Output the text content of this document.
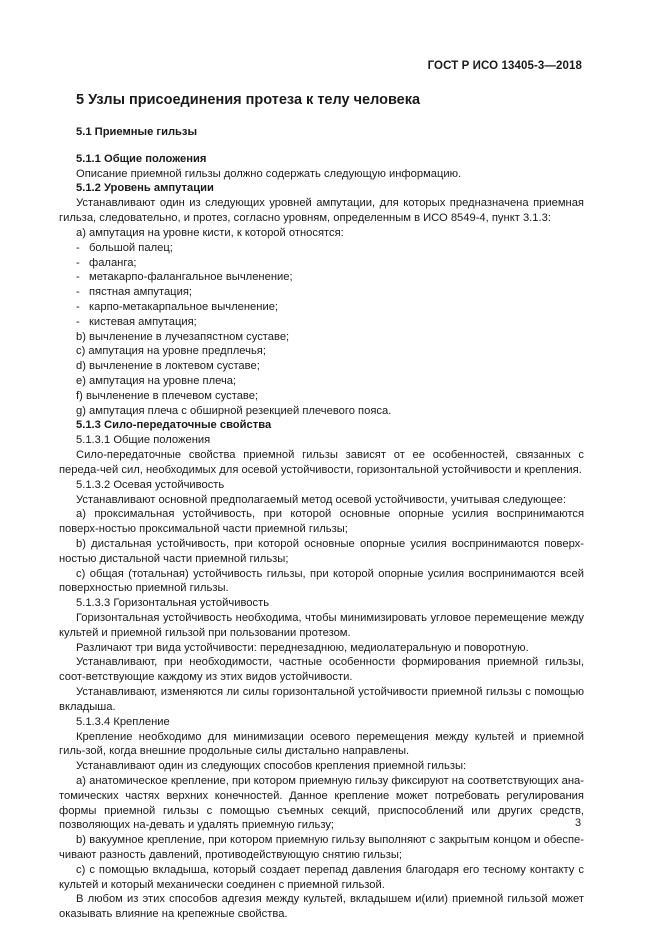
ГОСТ Р ИСО 13405-3—2018
5 Узлы присоединения протеза к телу человека

5.1 Приемные гильзы

5.1.1 Общие положения

Описание приемной гильзы должно содержать следующую информацию.

5.1.2 Уровень ампутации

Устанавливают один из следующих уровней ампутации, для которых предназначена приемная гильза, следовательно, и протез, согласно уровням, определенным в ИСО 8549-4, пункт 3.1.3:

а) ампутация на уровне кисти, к которой относятся:

- большой палец;

- фаланга;

- метакарпо-фалангальное вычленение;

- пястная ампутация;

- карпо-метакарпальное вычленение;

- кистевая ампутация;

b) вычленение в лучезапястном суставе;

с) ампутация на уровне предплечья;

d) вычленение в локтевом суставе;

е) ампутация на уровне плеча;

f) вычленение в плечевом суставе;

g) ампутация плеча с обширной резекцией плечевого пояса.

5.1.3 Сило-передаточные свойства

5.1.3.1 Общие положения

Сило-передаточные свойства приемной гильзы зависят от ее особенностей, связанных с переда-чей сил, необходимых для осевой устойчивости, горизонтальной устойчивости и крепления.

5.1.3.2 Осевая устойчивость

Устанавливают основной предполагаемый метод осевой устойчивости, учитывая следующее:

а) проксимальная устойчивость, при которой основные опорные усилия воспринимаются поверх-ностью проксимальной части приемной гильзы;

b) дистальная устойчивость, при которой основные опорные усилия воспринимаются поверх-ностью дистальной части приемной гильзы;

с) общая (тотальная) устойчивость гильзы, при которой опорные усилия воспринимаются всей поверхностью приемной гильзы.

5.1.3.3 Горизонтальная устойчивость

Горизонтальная устойчивость необходима, чтобы минимизировать угловое перемещение между культей и приемной гильзой при пользовании протезом.

Различают три вида устойчивости: переднезаднюю, медиолатеральную и поворотную.

Устанавливают, при необходимости, частные особенности формирования приемной гильзы, соот-ветствующие каждому из этих видов устойчивости.

Устанавливают, изменяются ли силы горизонтальной устойчивости приемной гильзы с помощью вкладыша.

5.1.3.4 Крепление

Крепление необходимо для минимизации осевого перемещения между культей и приемной гиль-зой, когда внешние продольные силы дистально направлены.

Устанавливают один из следующих способов крепления приемной гильзы:

а) анатомическое крепление, при котором приемную гильзу фиксируют на соответствующих ана-томических частях верхних конечностей. Данное крепление может потребовать регулирования формы приемной гильзы с помощью съемных секций, приспособлений или других средств, позволяющих на-девать и удалять приемную гильзу;

b) вакуумное крепление, при котором приемную гильзу выполняют с закрытым концом и обеспе-чивают разность давлений, противодействующую снятию гильзы;

с) с помощью вкладыша, который создает перепад давления благодаря его тесному контакту с культей и который механически соединен с приемной гильзой.

В любом из этих способов адгезия между культей, вкладышем и(или) приемной гильзой может оказывать влияние на крепежные свойства.

3
